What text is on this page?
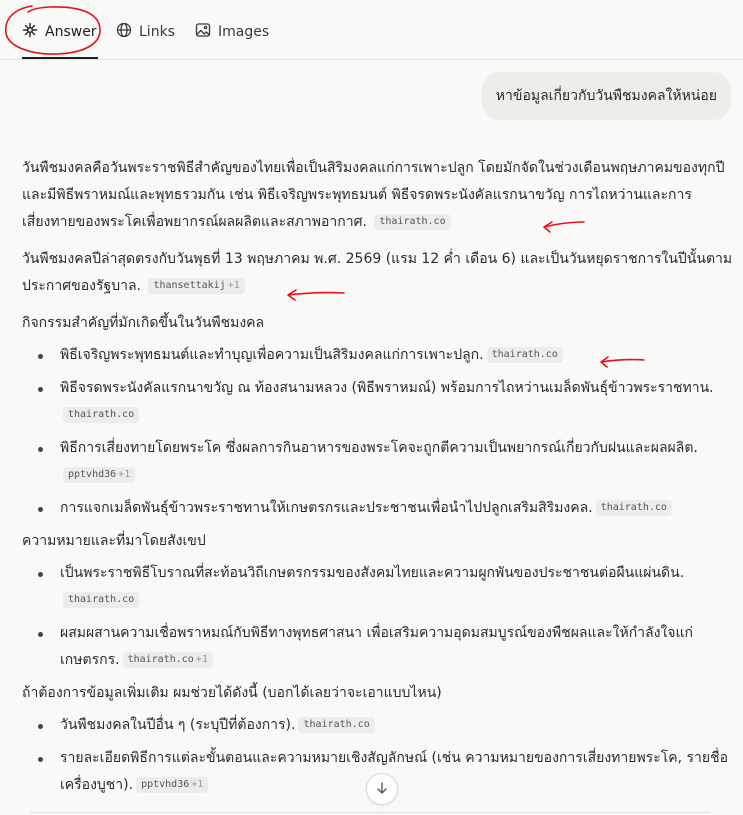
Answer	Links	Images
หาข้อมูลเกี่ยวกับวันพืชมงคลให้หน่อย

วันพืชมงคลคือวันพระราชพิธีสำคัญของไทยเพื่อเป็นสิริมงคลแก่การเพาะปลูก โดยมักจัดในช่วงเดือนพฤษภาคมของทุกปีและมีพิธีพราหมณ์และพุทธรวมกัน เช่น พิธีเจริญพระพุทธมนต์ พิธีจรดพระนังคัลแรกนาขวัญ การไถหว่านและการเสี่ยงทายของพระโคเพื่อพยากรณ์ผลผลิตและสภาพอากาศ. thairath.co

วันพืชมงคลปีล่าสุดตรงกับวันพุธที่ 13 พฤษภาคม พ.ศ. 2569 (แรม 12 ค่ำ เดือน 6) และเป็นวันหยุดราชการในปีนั้นตามประกาศของรัฐบาล. thansettakij +1

กิจกรรมสำคัญที่มักเกิดขึ้นในวันพืชมงคล

พิธีเจริญพระพุทธมนต์และทำบุญเพื่อความเป็นสิริมงคลแก่การเพาะปลูก. thairath.co
พิธีจรดพระนังคัลแรกนาขวัญ ณ ท้องสนามหลวง (พิธีพราหมณ์) พร้อมการไถหว่านเมล็ดพันธุ์ข้าวพระราชทาน.thairath.co
พิธีการเสี่ยงทายโดยพระโค ซึ่งผลการกินอาหารของพระโคจะถูกตีความเป็นพยากรณ์เกี่ยวกับฝนและผลผลิต.pptvhd36 +1
การแจกเมล็ดพันธุ์ข้าวพระราชทานให้เกษตรกรและประชาชนเพื่อนำไปปลูกเสริมสิริมงคล. thairath.co

ความหมายและที่มาโดยสังเขป

เป็นพระราชพิธีโบราณที่สะท้อนวิถีเกษตรกรรมของสังคมไทยและความผูกพันของประชาชนต่อผืนแผ่นดิน.thairath.co
ผสมผสานความเชื่อพราหมณ์กับพิธีทางพุทธศาสนา เพื่อเสริมความอุดมสมบูรณ์ของพืชผลและให้กำลังใจแก่เกษตรกร. thairath.co +1

ถ้าต้องการข้อมูลเพิ่มเติม ผมช่วยได้ดังนี้ (บอกได้เลยว่าจะเอาแบบไหน)

วันพืชมงคลในปีอื่น ๆ (ระบุปีที่ต้องการ). thairath.co
รายละเอียดพิธีการแต่ละขั้นตอนและความหมายเชิงสัญลักษณ์ (เช่น ความหมายของการเสี่ยงทายพระโค, รายชื่อเครื่องบูชา). pptvhd36 +1
